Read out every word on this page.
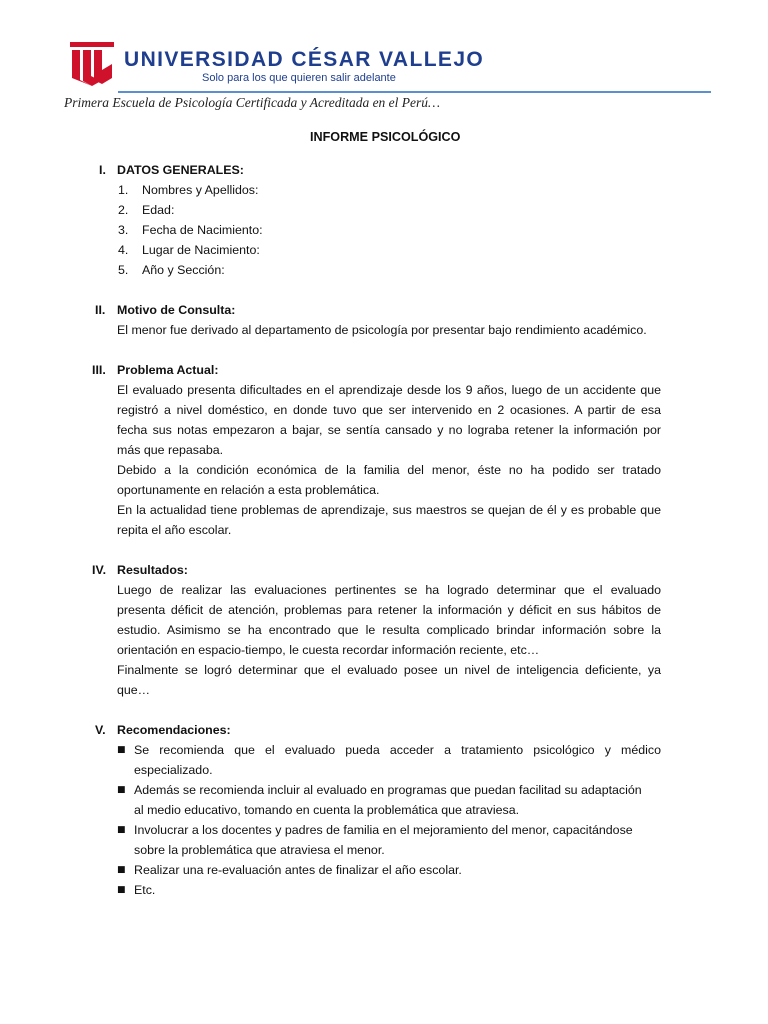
UNIVERSIDAD CÉSAR VALLEJO
Solo para los que quieren salir adelante
Primera Escuela de Psicología Certificada y Acreditada en el Perú…
INFORME PSICOLÓGICO
I. DATOS GENERALES:
1. Nombres y Apellidos:
2. Edad:
3. Fecha de Nacimiento:
4. Lugar de Nacimiento:
5. Año y Sección:
II. Motivo de Consulta:
El menor fue derivado al departamento de psicología por presentar bajo rendimiento académico.
III. Problema Actual:
El evaluado presenta dificultades en el aprendizaje desde los 9 años, luego de un accidente que
registró a nivel doméstico, en donde tuvo que ser intervenido en 2 ocasiones. A partir de esa
fecha sus notas empezaron a bajar, se sentía cansado y no lograba retener la información por
más que repasaba.
Debido a la condición económica de la familia del menor, éste no ha podido ser tratado
oportunamente en relación a esta problemática.
En la actualidad tiene problemas de aprendizaje, sus maestros se quejan de él y es probable que
repita el año escolar.
IV. Resultados:
Luego de realizar las evaluaciones pertinentes se ha logrado determinar que el evaluado
presenta déficit de atención, problemas para retener la información y déficit en sus hábitos de
estudio. Asimismo se ha encontrado que le resulta complicado brindar información sobre la
orientación en espacio-tiempo, le cuesta recordar información reciente, etc…
Finalmente se logró determinar que el evaluado posee un nivel de inteligencia deficiente, ya
que…
V. Recomendaciones:
■ Se recomienda que el evaluado pueda acceder a tratamiento psicológico y médico
especializado.
■ Además se recomienda incluir al evaluado en programas que puedan facilitad su adaptación
al medio educativo, tomando en cuenta la problemática que atraviesa.
■ Involucrar a los docentes y padres de familia en el mejoramiento del menor, capacitándose
sobre la problemática que atraviesa el menor.
■ Realizar una re-evaluación antes de finalizar el año escolar.
■ Etc.
